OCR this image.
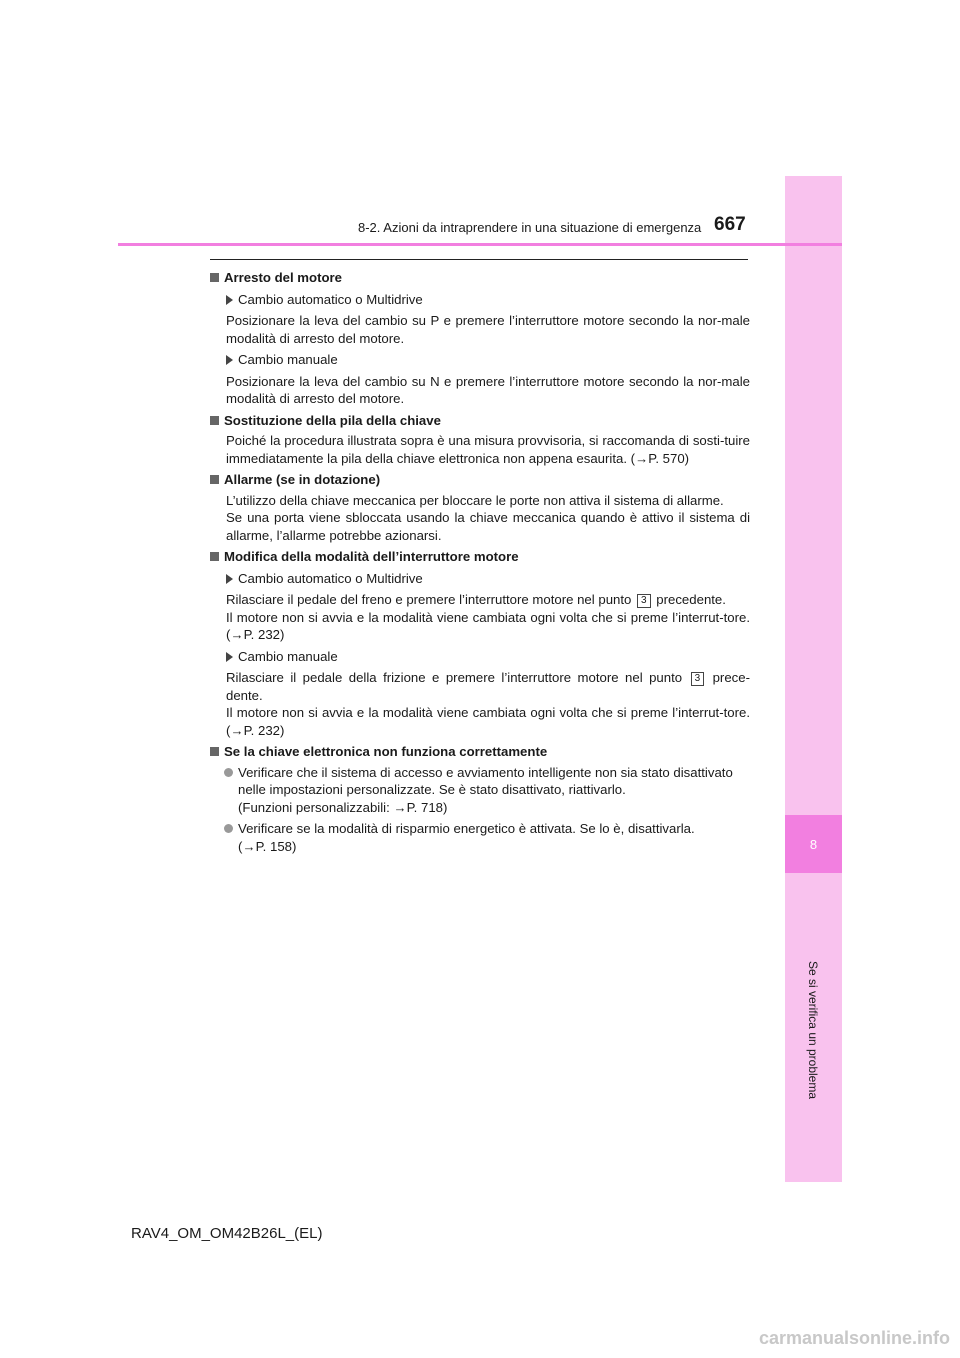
8
Se si verifica un problema
8-2. Azioni da intraprendere in una situazione di emergenza 667
Arresto del motore
Cambio automatico o Multidrive
Posizionare la leva del cambio su P e premere l’interruttore motore secondo la nor-male modalità di arresto del motore.
Cambio manuale
Posizionare la leva del cambio su N e premere l’interruttore motore secondo la nor-male modalità di arresto del motore.
Sostituzione della pila della chiave
Poiché la procedura illustrata sopra è una misura provvisoria, si raccomanda di sosti-tuire immediatamente la pila della chiave elettronica non appena esaurita. (→P. 570)
Allarme (se in dotazione)
L’utilizzo della chiave meccanica per bloccare le porte non attiva il sistema di allarme.
Se una porta viene sbloccata usando la chiave meccanica quando è attivo il sistema di allarme, l’allarme potrebbe azionarsi.
Modifica della modalità dell’interruttore motore
Cambio automatico o Multidrive
Rilasciare il pedale del freno e premere l’interruttore motore nel punto 3 precedente.
Il motore non si avvia e la modalità viene cambiata ogni volta che si preme l’interrut-tore. (→P. 232)
Cambio manuale
Rilasciare il pedale della frizione e premere l’interruttore motore nel punto 3 prece-dente.
Il motore non si avvia e la modalità viene cambiata ogni volta che si preme l’interrut-tore. (→P. 232)
Se la chiave elettronica non funziona correttamente
Verificare che il sistema di accesso e avviamento intelligente non sia stato disattivato nelle impostazioni personalizzate. Se è stato disattivato, riattivarlo.
(Funzioni personalizzabili: →P. 718)
Verificare se la modalità di risparmio energetico è attivata. Se lo è, disattivarla.
(→P. 158)
RAV4_OM_OM42B26L_(EL)
carmanualsonline.info
